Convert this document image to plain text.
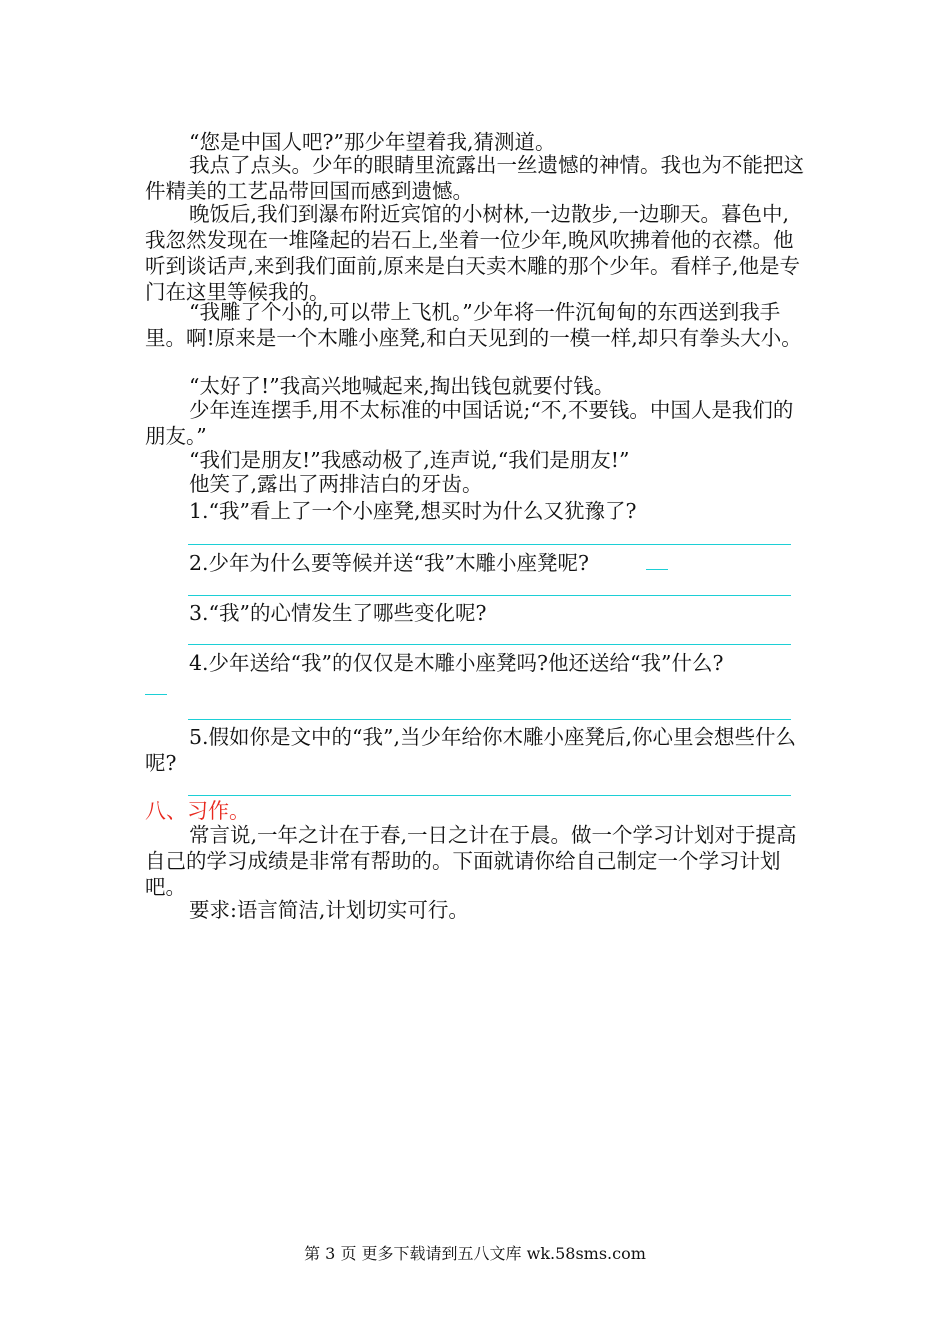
“您是中国人吧?”那少年望着我,猜测道。

我点了点头。少年的眼睛里流露出一丝遗憾的神情。我也为不能把这件精美的工艺品带回国而感到遗憾。

晚饭后,我们到瀑布附近宾馆的小树林,一边散步,一边聊天。暮色中,我忽然发现在一堆隆起的岩石上,坐着一位少年,晚风吹拂着他的衣襟。他听到谈话声,来到我们面前,原来是白天卖木雕的那个少年。看样子,他是专门在这里等候我的。

“我雕了个小的,可以带上飞机。”少年将一件沉甸甸的东西送到我手里。啊!原来是一个木雕小座凳,和白天见到的一模一样,却只有拳头大小。

“太好了!”我高兴地喊起来,掏出钱包就要付钱。

少年连连摆手,用不太标准的中国话说;“不,不要钱。中国人是我们的朋友。”

“我们是朋友!”我感动极了,连声说,“我们是朋友!”

他笑了,露出了两排洁白的牙齿。

1.“我”看上了一个小座凳,想买时为什么又犹豫了?

2.少年为什么要等候并送“我”木雕小座凳呢?

3.“我”的心情发生了哪些变化呢?

4.少年送给“我”的仅仅是木雕小座凳吗?他还送给“我”什么?

5.假如你是文中的“我”,当少年给你木雕小座凳后,你心里会想些什么呢?

八、习作。

常言说,一年之计在于春,一日之计在于晨。做一个学习计划对于提高自己的学习成绩是非常有帮助的。下面就请你给自己制定一个学习计划吧。

要求:语言简洁,计划切实可行。

第 3 页 更多下载请到五八文库 wk.58sms.com
